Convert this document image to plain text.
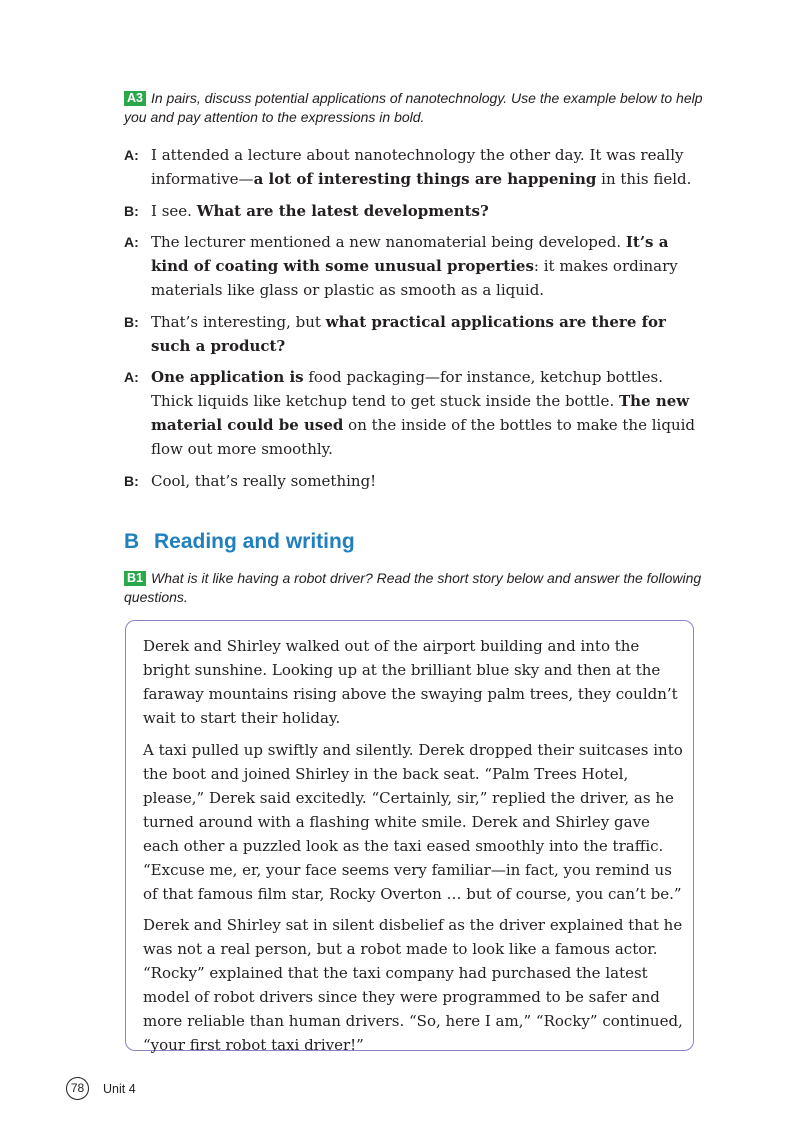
A3 In pairs, discuss potential applications of nanotechnology. Use the example below to help you and pay attention to the expressions in bold.
A: I attended a lecture about nanotechnology the other day. It was really informative—a lot of interesting things are happening in this field.
B: I see. What are the latest developments?
A: The lecturer mentioned a new nanomaterial being developed. It’s a kind of coating with some unusual properties: it makes ordinary materials like glass or plastic as smooth as a liquid.
B: That’s interesting, but what practical applications are there for such a product?
A: One application is food packaging—for instance, ketchup bottles. Thick liquids like ketchup tend to get stuck inside the bottle. The new material could be used on the inside of the bottles to make the liquid flow out more smoothly.
B: Cool, that’s really something!
B Reading and writing
B1 What is it like having a robot driver? Read the short story below and answer the following questions.

Derek and Shirley walked out of the airport building and into the bright sunshine. Looking up at the brilliant blue sky and then at the faraway mountains rising above the swaying palm trees, they couldn’t wait to start their holiday.

A taxi pulled up swiftly and silently. Derek dropped their suitcases into the boot and joined Shirley in the back seat. “Palm Trees Hotel, please,” Derek said excitedly. “Certainly, sir,” replied the driver, as he turned around with a flashing white smile. Derek and Shirley gave each other a puzzled look as the taxi eased smoothly into the traffic. “Excuse me, er, your face seems very familiar—in fact, you remind us of that famous film star, Rocky Overton … but of course, you can’t be.”

Derek and Shirley sat in silent disbelief as the driver explained that he was not a real person, but a robot made to look like a famous actor. “Rocky” explained that the taxi company had purchased the latest model of robot drivers since they were programmed to be safer and more reliable than human drivers. “So, here I am,” “Rocky” continued, “your first robot taxi driver!”

78	Unit 4
